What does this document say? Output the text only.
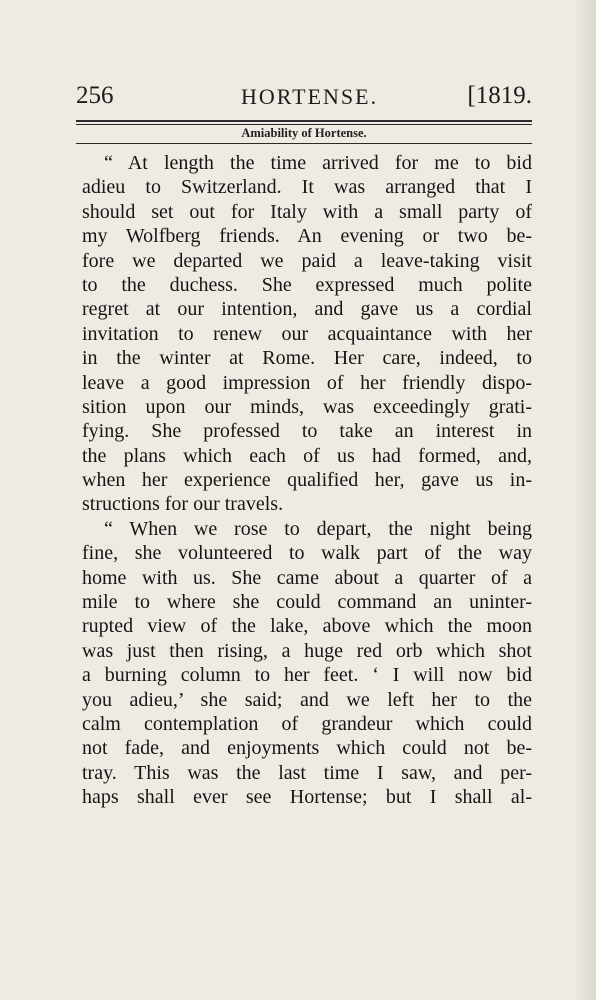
256	HORTENSE.	[1819.
Amiability of Hortense.
“ At length the time arrived for me to bid
adieu to Switzerland. It was arranged that I
should set out for Italy with a small party of
my Wolfberg friends. An evening or two be-
fore we departed we paid a leave-taking visit
to the duchess. She expressed much polite
regret at our intention, and gave us a cordial
invitation to renew our acquaintance with her
in the winter at Rome. Her care, indeed, to
leave a good impression of her friendly dispo-
sition upon our minds, was exceedingly grati-
fying. She professed to take an interest in
the plans which each of us had formed, and,
when her experience qualified her, gave us in-
structions for our travels.
“ When we rose to depart, the night being
fine, she volunteered to walk part of the way
home with us. She came about a quarter of a
mile to where she could command an uninter-
rupted view of the lake, above which the moon
was just then rising, a huge red orb which shot
a burning column to her feet. ‘ I will now bid
you adieu,’ she said; and we left her to the
calm contemplation of grandeur which could
not fade, and enjoyments which could not be-
tray. This was the last time I saw, and per-
haps shall ever see Hortense; but I shall al-
